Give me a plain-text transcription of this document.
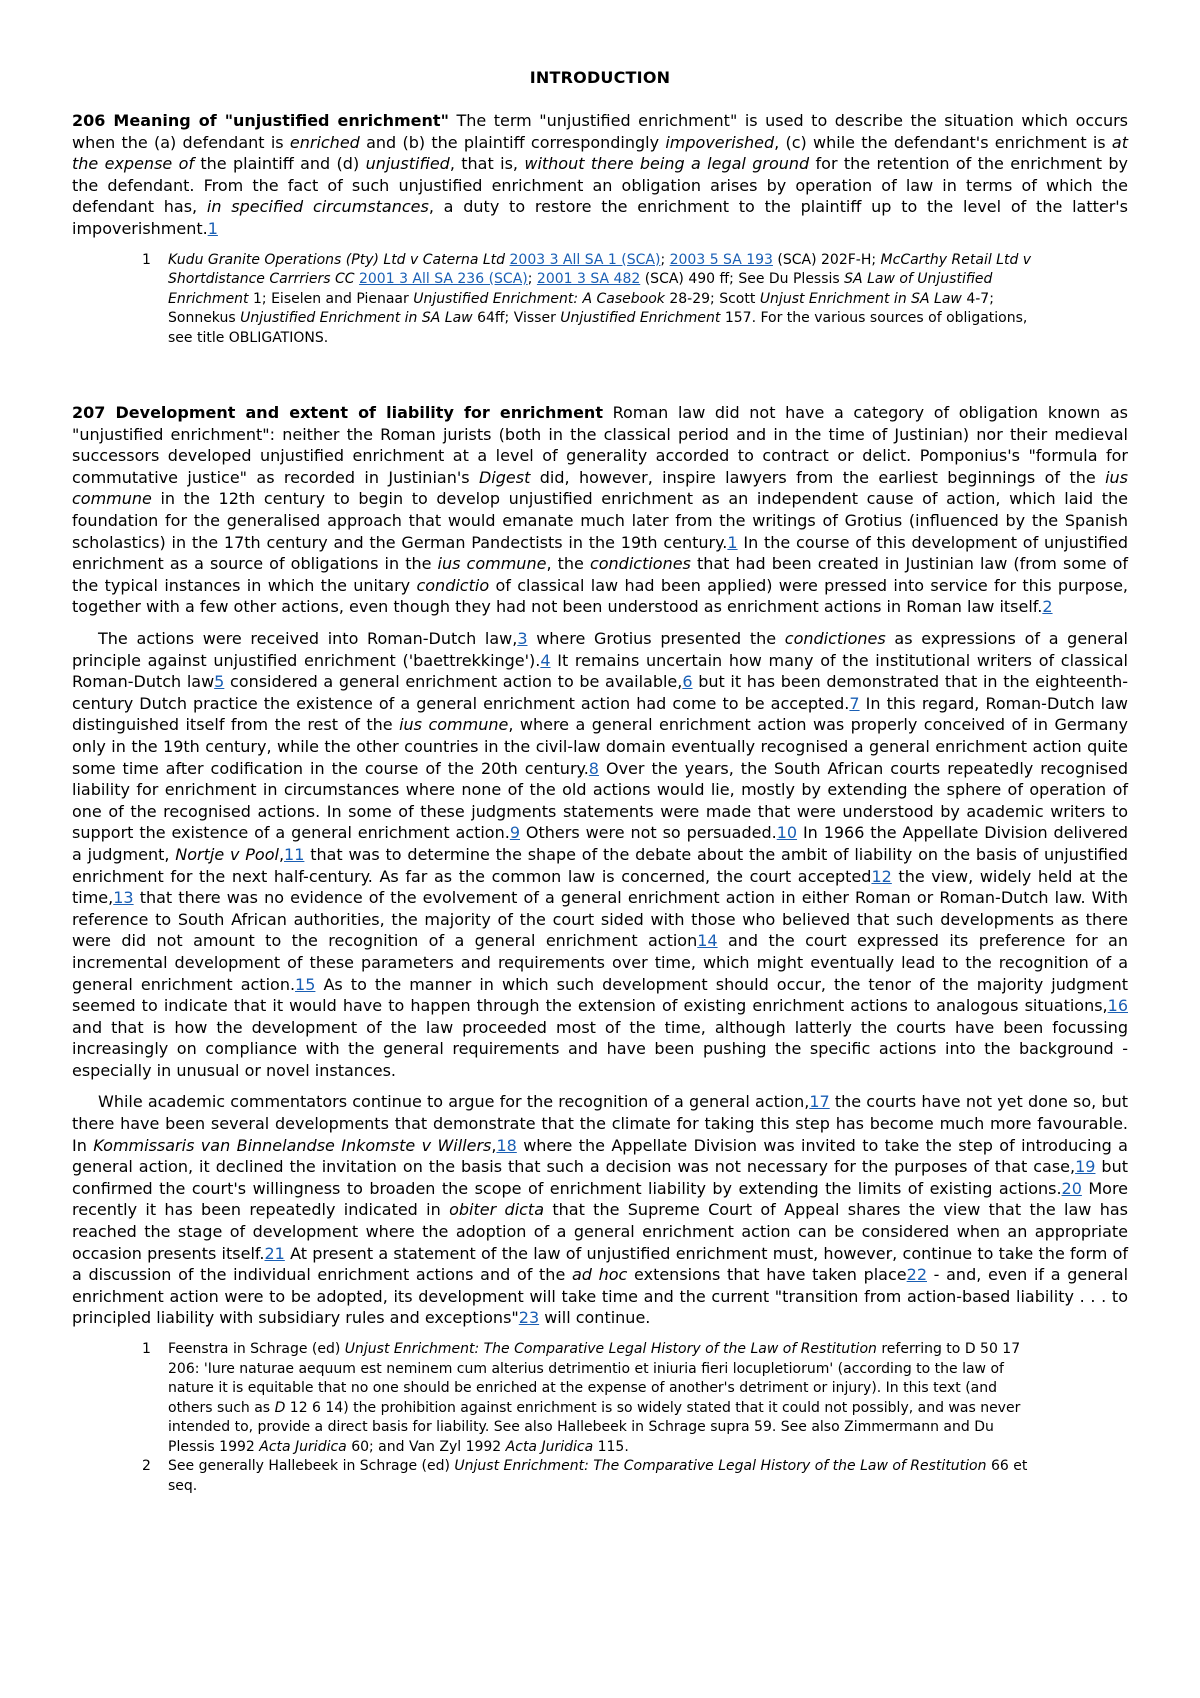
INTRODUCTION

206 Meaning of "unjustified enrichment" The term "unjustified enrichment" is used to describe the situation which occurs when the (a) defendant is enriched and (b) the plaintiff correspondingly impoverished, (c) while the defendant's enrichment is at the expense of the plaintiff and (d) unjustified, that is, without there being a legal ground for the retention of the enrichment by the defendant. From the fact of such unjustified enrichment an obligation arises by operation of law in terms of which the defendant has, in specified circumstances, a duty to restore the enrichment to the plaintiff up to the level of the latter's impoverishment.1

1	Kudu Granite Operations (Pty) Ltd v Caterna Ltd 2003 3 All SA 1 (SCA); 2003 5 SA 193 (SCA) 202F-H; McCarthy Retail Ltd v Shortdistance Carrriers CC 2001 3 All SA 236 (SCA); 2001 3 SA 482 (SCA) 490 ff; See Du Plessis SA Law of Unjustified Enrichment 1; Eiselen and Pienaar Unjustified Enrichment: A Casebook 28-29; Scott Unjust Enrichment in SA Law 4-7; Sonnekus Unjustified Enrichment in SA Law 64ff; Visser Unjustified Enrichment 157. For the various sources of obligations, see title OBLIGATIONS.

207 Development and extent of liability for enrichment Roman law did not have a category of obligation known as "unjustified enrichment": neither the Roman jurists (both in the classical period and in the time of Justinian) nor their medieval successors developed unjustified enrichment at a level of generality accorded to contract or delict. Pomponius's "formula for commutative justice" as recorded in Justinian's Digest did, however, inspire lawyers from the earliest beginnings of the ius commune in the 12th century to begin to develop unjustified enrichment as an independent cause of action, which laid the foundation for the generalised approach that would emanate much later from the writings of Grotius (influenced by the Spanish scholastics) in the 17th century and the German Pandectists in the 19th century.1 In the course of this development of unjustified enrichment as a source of obligations in the ius commune, the condictiones that had been created in Justinian law (from some of the typical instances in which the unitary condictio of classical law had been applied) were pressed into service for this purpose, together with a few other actions, even though they had not been understood as enrichment actions in Roman law itself.2

The actions were received into Roman-Dutch law,3 where Grotius presented the condictiones as expressions of a general principle against unjustified enrichment ('baettrekkinge').4 It remains uncertain how many of the institutional writers of classical Roman-Dutch law5 considered a general enrichment action to be available,6 but it has been demonstrated that in the eighteenth-century Dutch practice the existence of a general enrichment action had come to be accepted.7 In this regard, Roman-Dutch law distinguished itself from the rest of the ius commune, where a general enrichment action was properly conceived of in Germany only in the 19th century, while the other countries in the civil-law domain eventually recognised a general enrichment action quite some time after codification in the course of the 20th century.8 Over the years, the South African courts repeatedly recognised liability for enrichment in circumstances where none of the old actions would lie, mostly by extending the sphere of operation of one of the recognised actions. In some of these judgments statements were made that were understood by academic writers to support the existence of a general enrichment action.9 Others were not so persuaded.10 In 1966 the Appellate Division delivered a judgment, Nortje v Pool,11 that was to determine the shape of the debate about the ambit of liability on the basis of unjustified enrichment for the next half-century. As far as the common law is concerned, the court accepted12 the view, widely held at the time,13 that there was no evidence of the evolvement of a general enrichment action in either Roman or Roman-Dutch law. With reference to South African authorities, the majority of the court sided with those who believed that such developments as there were did not amount to the recognition of a general enrichment action14 and the court expressed its preference for an incremental development of these parameters and requirements over time, which might eventually lead to the recognition of a general enrichment action.15 As to the manner in which such development should occur, the tenor of the majority judgment seemed to indicate that it would have to happen through the extension of existing enrichment actions to analogous situations,16 and that is how the development of the law proceeded most of the time, although latterly the courts have been focussing increasingly on compliance with the general requirements and have been pushing the specific actions into the background - especially in unusual or novel instances.

While academic commentators continue to argue for the recognition of a general action,17 the courts have not yet done so, but there have been several developments that demonstrate that the climate for taking this step has become much more favourable. In Kommissaris van Binnelandse Inkomste v Willers,18 where the Appellate Division was invited to take the step of introducing a general action, it declined the invitation on the basis that such a decision was not necessary for the purposes of that case,19 but confirmed the court's willingness to broaden the scope of enrichment liability by extending the limits of existing actions.20 More recently it has been repeatedly indicated in obiter dicta that the Supreme Court of Appeal shares the view that the law has reached the stage of development where the adoption of a general enrichment action can be considered when an appropriate occasion presents itself.21 At present a statement of the law of unjustified enrichment must, however, continue to take the form of a discussion of the individual enrichment actions and of the ad hoc extensions that have taken place22 - and, even if a general enrichment action were to be adopted, its development will take time and the current "transition from action-based liability . . . to principled liability with subsidiary rules and exceptions"23 will continue.

1	Feenstra in Schrage (ed) Unjust Enrichment: The Comparative Legal History of the Law of Restitution referring to D 50 17 206: 'Iure naturae aequum est neminem cum alterius detrimentio et iniuria fieri locupletiorum' (according to the law of nature it is equitable that no one should be enriched at the expense of another's detriment or injury). In this text (and others such as D 12 6 14) the prohibition against enrichment is so widely stated that it could not possibly, and was never intended to, provide a direct basis for liability. See also Hallebeek in Schrage supra 59. See also Zimmermann and Du Plessis 1992 Acta Juridica 60; and Van Zyl 1992 Acta Juridica 115.
2	See generally Hallebeek in Schrage (ed) Unjust Enrichment: The Comparative Legal History of the Law of Restitution 66 et seq.
